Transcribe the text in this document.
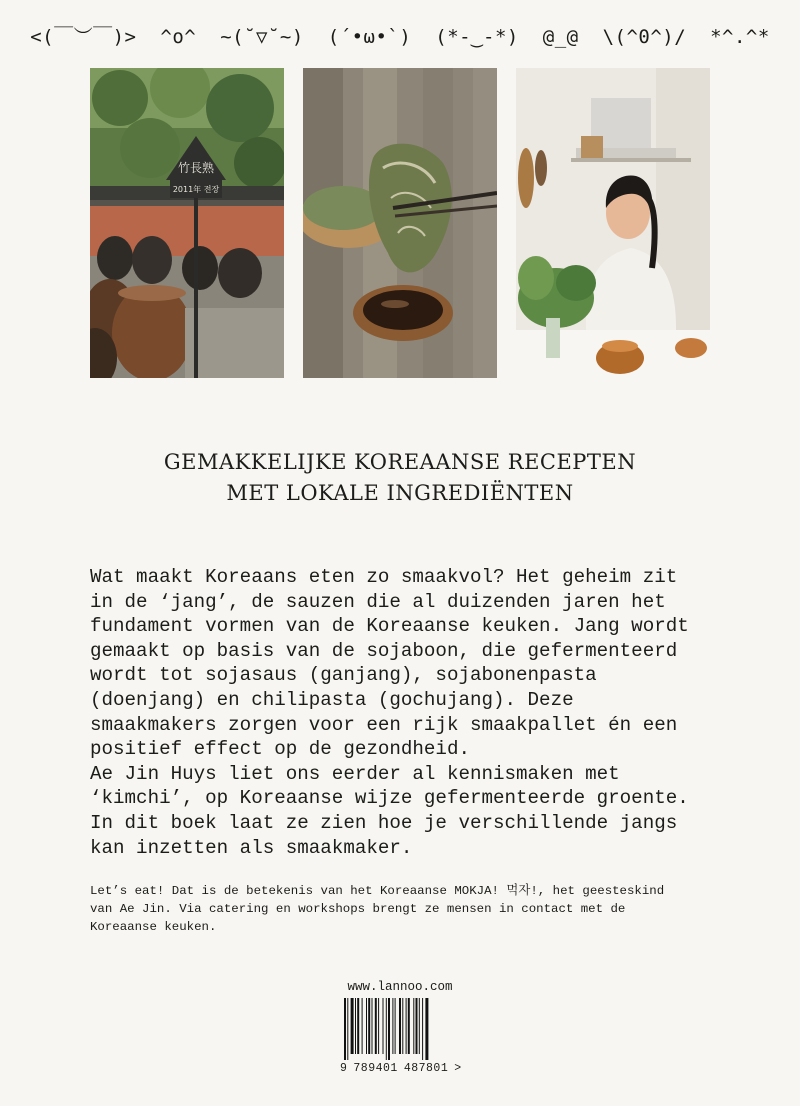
<(￣︶￣)> ^o^ ~(˘▽˘~) (´•ω•`) (*-‿-*) @_@ \(^0^)/ *^.^*
竹長熟
2011年 전장
GEMAKKELIJKE KOREAANSE RECEPTEN
MET LOKALE INGREDIËNTEN
Wat maakt Koreaans eten zo smaakvol? Het geheim zit
in de ‘jang’, de sauzen die al duizenden jaren het
fundament vormen van de Koreaanse keuken. Jang wordt
gemaakt op basis van de sojaboon, die gefermenteerd
wordt tot sojasaus (ganjang), sojabonenpasta
(doenjang) en chilipasta (gochujang). Deze
smaakmakers zorgen voor een rijk smaakpallet én een
positief effect op de gezondheid.
Ae Jin Huys liet ons eerder al kennismaken met
‘kimchi’, op Koreaanse wijze gefermenteerde groente.
In dit boek laat ze zien hoe je verschillende jangs
kan inzetten als smaakmaker.
Let’s eat! Dat is de betekenis van het Koreaanse MOKJA! 먹자!, het geesteskind
van Ae Jin. Via catering en workshops brengt ze mensen in contact met de
Koreaanse keuken.
www.lannoo.com
9 789401 487801 >
